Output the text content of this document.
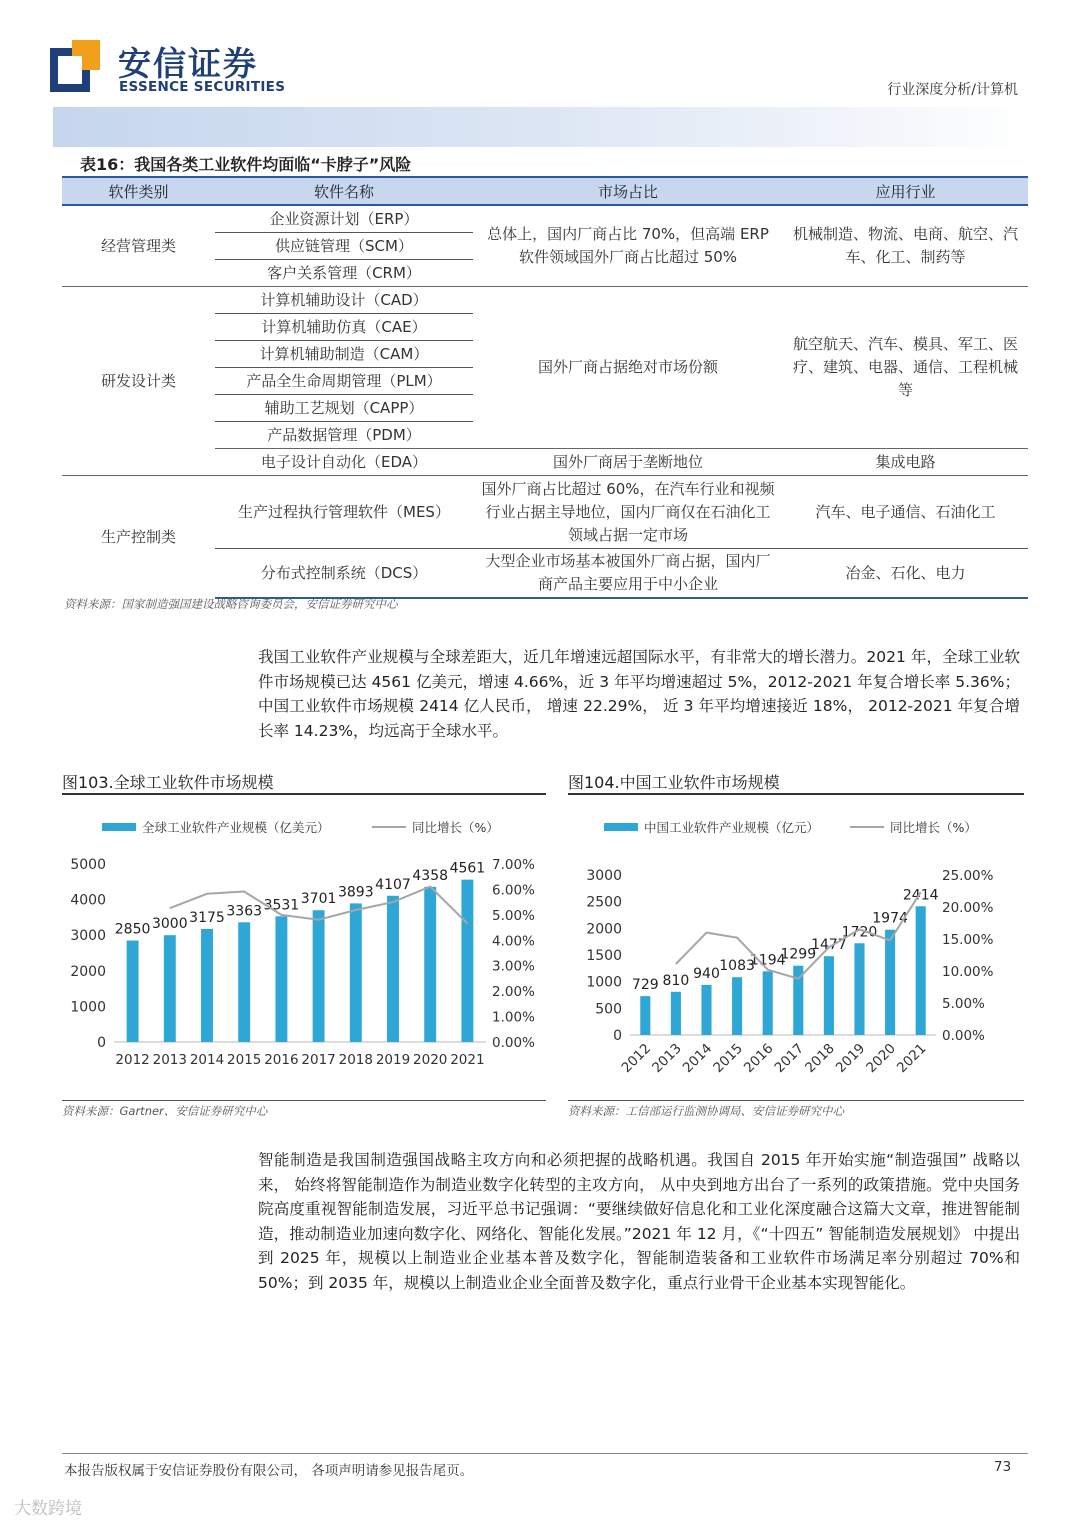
安信证券
ESSENCE SECURITIES	行业深度分析/计算机
表16：我国各类工业软件均面临“卡脖子”风险
软件类别	软件名称	市场占比	应用行业
经营管理类	企业资源计划（ERP）	总体上，国内厂商占比 70%，但高端 ERP 软件领域国外厂商占比超过 50%	机械制造、物流、电商、航空、汽车、化工、制药等
	供应链管理（SCM）		
	客户关系管理（CRM）		
研发设计类	计算机辅助设计（CAD）	国外厂商占据绝对市场份额	航空航天、汽车、模具、军工、医疗、建筑、电器、通信、工程机械等
	计算机辅助仿真（CAE）		
	计算机辅助制造（CAM）		
	产品全生命周期管理（PLM）		
	辅助工艺规划（CAPP）		
	产品数据管理（PDM）		
	电子设计自动化（EDA）	国外厂商居于垄断地位	集成电路
生产控制类	生产过程执行管理软件（MES）	国外厂商占比超过 60%，在汽车行业和视频行业占据主导地位，国内厂商仅在石油化工领域占据一定市场	汽车、电子通信、石油化工
	分布式控制系统（DCS）	大型企业市场基本被国外厂商占据，国内厂商产品主要应用于中小企业	冶金、石化、电力
资料来源：国家制造强国建设战略咨询委员会，安信证券研究中心
我国工业软件产业规模与全球差距大，近几年增速远超国际水平，有非常大的增长潜力。2021 年，全球工业软件市场规模已达 4561 亿美元，增速 4.66%，近 3 年平均增速超过 5%，2012-2021 年复合增长率 5.36%；中国工业软件市场规模 2414 亿人民币， 增速 22.29%， 近 3 年平均增速接近 18%， 2012-2021 年复合增长率 14.23%，均远高于全球水平。
图103.全球工业软件市场规模
全球工业软件产业规模（亿美元）	同比增长（%）
0
1000
2000
3000
4000
5000
0.00%
1.00%
2.00%
3.00%
4.00%
5.00%
6.00%
7.00%
2850
2012
3000
2013
3175
2014
3363
2015
3531
2016
3701
2017
3893
2018
4107
2019
4358
2020
4561
2021
资料来源：Gartner、安信证券研究中心
图104.中国工业软件市场规模
中国工业软件产业规模（亿元）	同比增长（%）
0
500
1000
1500
2000
2500
3000
0.00%
5.00%
10.00%
15.00%
20.00%
25.00%
729
2012
810
2013
940
2014
1083
2015
1194
2016
1299
2017
1477
2018
1720
2019
1974
2020
2414
2021
资料来源：工信部运行监测协调局、安信证券研究中心
智能制造是我国制造强国战略主攻方向和必须把握的战略机遇。我国自 2015 年开始实施“制造强国” 战略以来， 始终将智能制造作为制造业数字化转型的主攻方向， 从中央到地方出台了一系列的政策措施。党中央国务院高度重视智能制造发展，习近平总书记强调：“要继续做好信息化和工业化深度融合这篇大文章，推进智能制造，推动制造业加速向数字化、网络化、智能化发展。”2021 年 12 月，《“十四五” 智能制造发展规划》 中提出到 2025 年，规模以上制造业企业基本普及数字化，智能制造装备和工业软件市场满足率分别超过 70%和 50%；到 2035 年，规模以上制造业企业全面普及数字化，重点行业骨干企业基本实现智能化。
本报告版权属于安信证券股份有限公司， 各项声明请参见报告尾页。	73
大数跨境
